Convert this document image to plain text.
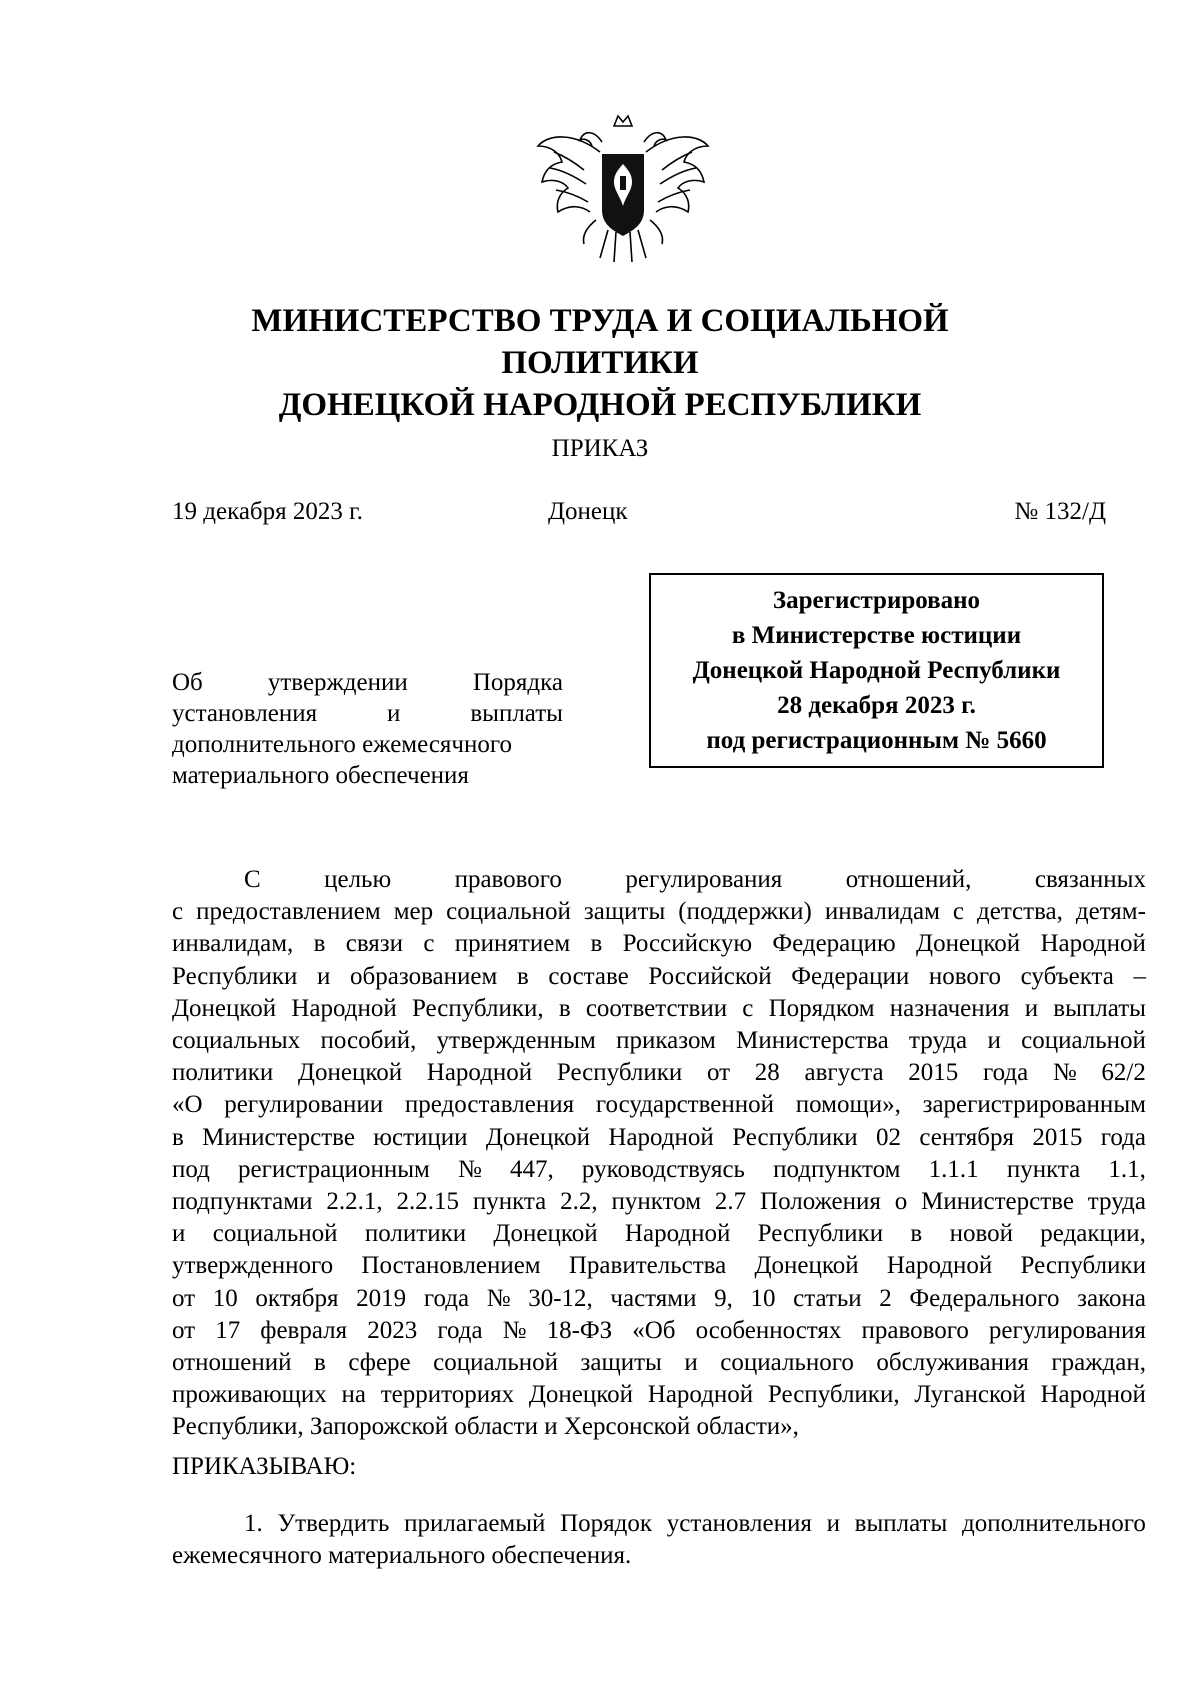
МИНИСТЕРСТВО ТРУДА И СОЦИАЛЬНОЙ ПОЛИТИКИ
ДОНЕЦКОЙ НАРОДНОЙ РЕСПУБЛИКИ
ПРИКАЗ
19 декабря 2023 г.	Донецк	№ 132/Д
Зарегистрировано
в Министерстве юстиции
Донецкой Народной Республики
28 декабря 2023 г.
под регистрационным № 5660
Об	утверждении	Порядка
установления	и	выплаты
дополнительного ежемесячного
материального обеспечения
С	целью	правового	регулирования	отношений,	связанных
с предоставлением мер социальной защиты (поддержки) инвалидам с детства, детям-
инвалидам, в связи с принятием в Российскую Федерацию Донецкой Народной
Республики и образованием в составе Российской Федерации нового субъекта –
Донецкой Народной Республики, в соответствии с Порядком назначения и выплаты
социальных пособий, утвержденным приказом Министерства труда и социальной
политики Донецкой Народной Республики от 28 августа 2015 года № 62/2
«О регулировании предоставления государственной помощи», зарегистрированным
в Министерстве юстиции Донецкой Народной Республики 02 сентября 2015 года
под регистрационным № 447, руководствуясь подпунктом 1.1.1 пункта 1.1,
подпунктами 2.2.1, 2.2.15 пункта 2.2, пунктом 2.7 Положения о Министерстве труда
и социальной политики Донецкой Народной Республики в новой редакции,
утвержденного Постановлением Правительства Донецкой Народной Республики
от 10 октября 2019 года № 30-12, частями 9, 10 статьи 2 Федерального закона
от 17 февраля 2023 года № 18-ФЗ «Об особенностях правового регулирования
отношений в сфере социальной защиты и социального обслуживания граждан,
проживающих на территориях Донецкой Народной Республики, Луганской Народной
Республики, Запорожской области и Херсонской области»,
ПРИКАЗЫВАЮ:
1. Утвердить прилагаемый Порядок установления и выплаты дополнительного
ежемесячного материального обеспечения.
